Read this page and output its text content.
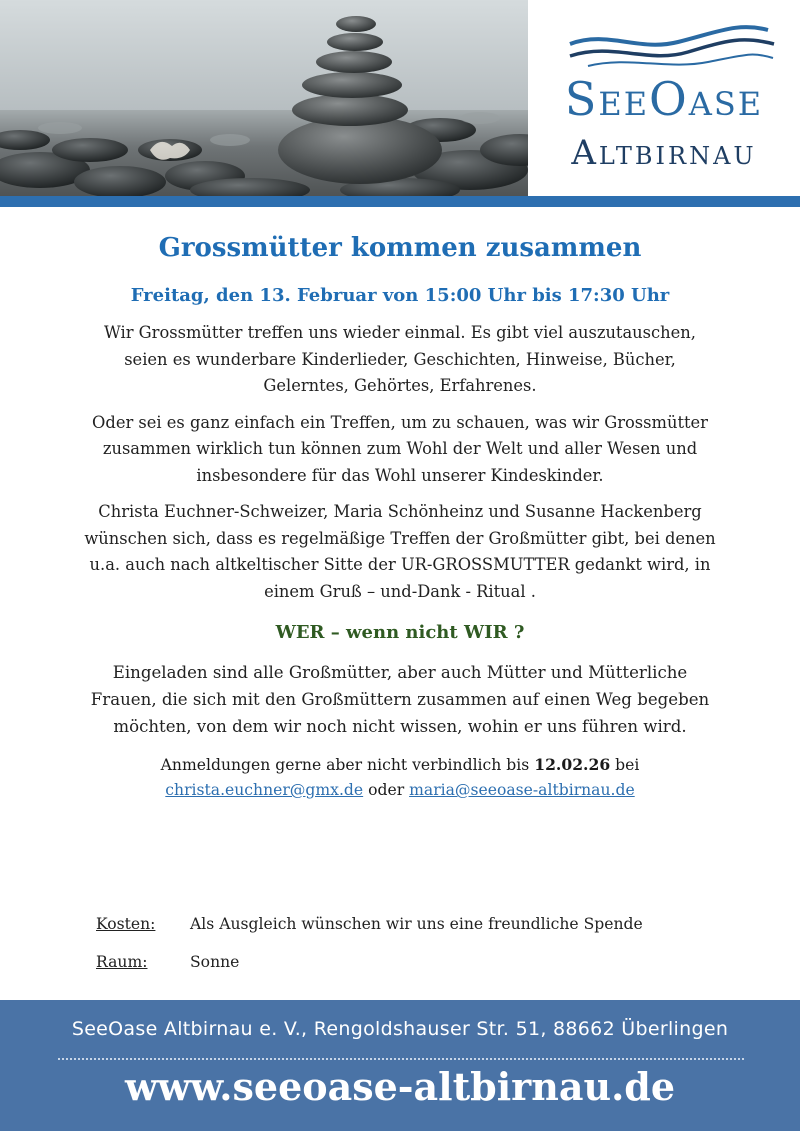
SeeOase
Altbirnau
Grossmütter kommen zusammen
Freitag, den 13. Februar von 15:00 Uhr bis 17:30 Uhr

Wir Grossmütter treffen uns wieder einmal. Es gibt viel auszutauschen, seien es wunderbare Kinderlieder, Geschichten, Hinweise, Bücher, Gelerntes, Gehörtes, Erfahrenes.

Oder sei es ganz einfach ein Treffen, um zu schauen, was wir Grossmütter zusammen wirklich tun können zum Wohl der Welt und aller Wesen und insbesondere für das Wohl unserer Kindeskinder.

Christa Euchner-Schweizer, Maria Schönheinz und Susanne Hackenberg wünschen sich, dass es regelmäßige Treffen der Großmütter gibt, bei denen u.a. auch nach altkeltischer Sitte der UR-GROSSMUTTER gedankt wird, in einem Gruß – und-Dank - Ritual .

WER – wenn nicht WIR ?

Eingeladen sind alle Großmütter, aber auch Mütter und Mütterliche Frauen, die sich mit den Großmüttern zusammen auf einen Weg begeben möchten, von dem wir noch nicht wissen, wohin er uns führen wird.

Anmeldungen gerne aber nicht verbindlich bis 12.02.26 bei
christa.euchner@gmx.de oder maria@seeoase-altbirnau.de

Kosten: Als Ausgleich wünschen wir uns eine freundliche Spende
Raum:	Sonne
SeeOase Altbirnau e. V., Rengoldshauser Str. 51, 88662 Überlingen
www.seeoase-altbirnau.de
